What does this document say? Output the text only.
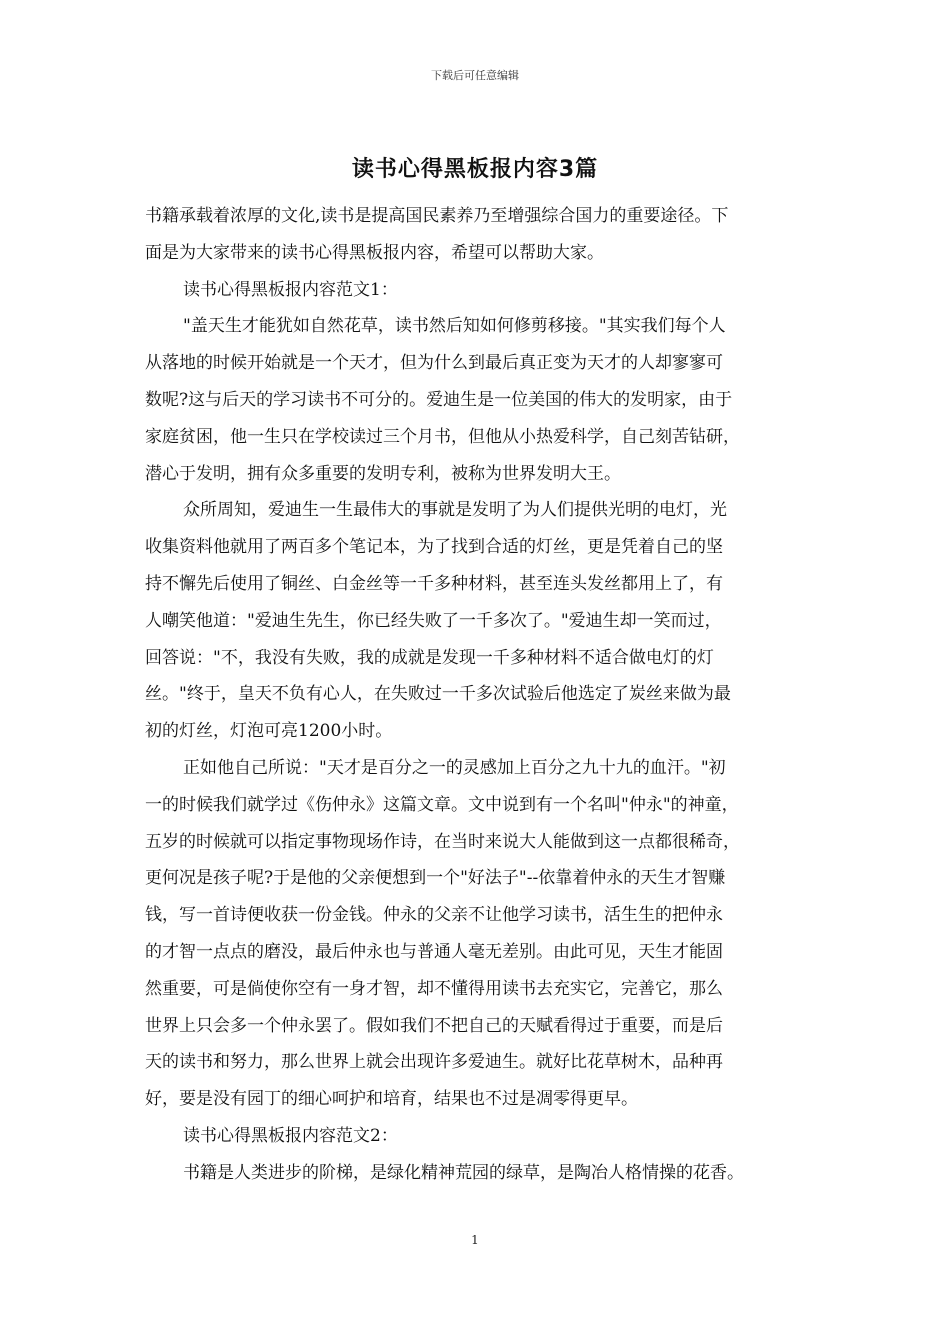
下载后可任意编辑
读书心得黑板报内容3篇
书籍承载着浓厚的文化,读书是提高国民素养乃至增强综合国力的重要途径。下
面是为大家带来的读书心得黑板报内容，希望可以帮助大家。
读书心得黑板报内容范文1：
"盖天生才能犹如自然花草，读书然后知如何修剪移接。"其实我们每个人
从落地的时候开始就是一个天才，但为什么到最后真正变为天才的人却寥寥可
数呢?这与后天的学习读书不可分的。爱迪生是一位美国的伟大的发明家，由于
家庭贫困，他一生只在学校读过三个月书，但他从小热爱科学，自己刻苦钻研，
潜心于发明，拥有众多重要的发明专利，被称为世界发明大王。
众所周知，爱迪生一生最伟大的事就是发明了为人们提供光明的电灯，光
收集资料他就用了两百多个笔记本，为了找到合适的灯丝，更是凭着自己的坚
持不懈先后使用了铜丝、白金丝等一千多种材料，甚至连头发丝都用上了，有
人嘲笑他道："爱迪生先生，你已经失败了一千多次了。"爱迪生却一笑而过，
回答说："不，我没有失败，我的成就是发现一千多种材料不适合做电灯的灯
丝。"终于，皇天不负有心人，在失败过一千多次试验后他选定了炭丝来做为最
初的灯丝，灯泡可亮1200小时。
正如他自己所说："天才是百分之一的灵感加上百分之九十九的血汗。"初
一的时候我们就学过《伤仲永》这篇文章。文中说到有一个名叫"仲永"的神童，
五岁的时候就可以指定事物现场作诗，在当时来说大人能做到这一点都很稀奇，
更何况是孩子呢?于是他的父亲便想到一个"好法子"--依靠着仲永的天生才智赚
钱，写一首诗便收获一份金钱。仲永的父亲不让他学习读书，活生生的把仲永
的才智一点点的磨没，最后仲永也与普通人毫无差别。由此可见，天生才能固
然重要，可是倘使你空有一身才智，却不懂得用读书去充实它，完善它，那么
世界上只会多一个仲永罢了。假如我们不把自己的天赋看得过于重要，而是后
天的读书和努力，那么世界上就会出现许多爱迪生。就好比花草树木，品种再
好，要是没有园丁的细心呵护和培育，结果也不过是凋零得更早。
读书心得黑板报内容范文2：
书籍是人类进步的阶梯，是绿化精神荒园的绿草，是陶冶人格情操的花香。
1
